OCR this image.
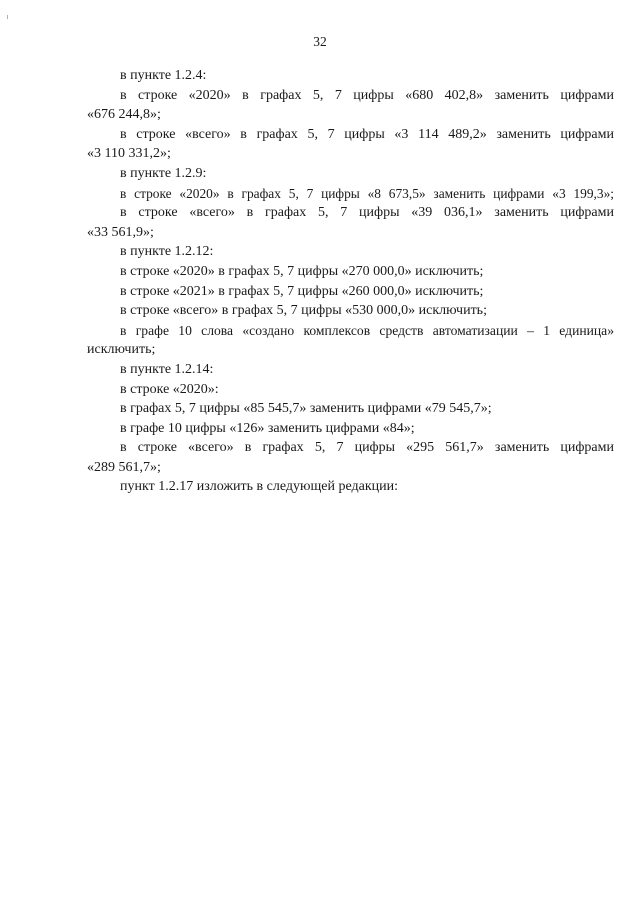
32

в пункте 1.2.4:

в строке «2020» в графах 5, 7 цифры «680 402,8» заменить цифрами

«676 244,8»;

в строке «всего» в графах 5, 7 цифры «3 114 489,2» заменить цифрами

«3 110 331,2»;

в пункте 1.2.9:

в строке «2020» в графах 5, 7 цифры «8 673,5» заменить цифрами «3 199,3»;

в строке «всего» в графах 5, 7 цифры «39 036,1» заменить цифрами

«33 561,9»;

в пункте 1.2.12:

в строке «2020» в графах 5, 7 цифры «270 000,0» исключить;

в строке «2021» в графах 5, 7 цифры «260 000,0» исключить;

в строке «всего» в графах 5, 7 цифры «530 000,0» исключить;

в графе 10 слова «создано комплексов средств автоматизации – 1 единица»

исключить;

в пункте 1.2.14:

в строке «2020»:

в графах 5, 7 цифры «85 545,7» заменить цифрами «79 545,7»;

в графе 10 цифры «126» заменить цифрами «84»;

в строке «всего» в графах 5, 7 цифры «295 561,7» заменить цифрами

«289 561,7»;

пункт 1.2.17 изложить в следующей редакции:
